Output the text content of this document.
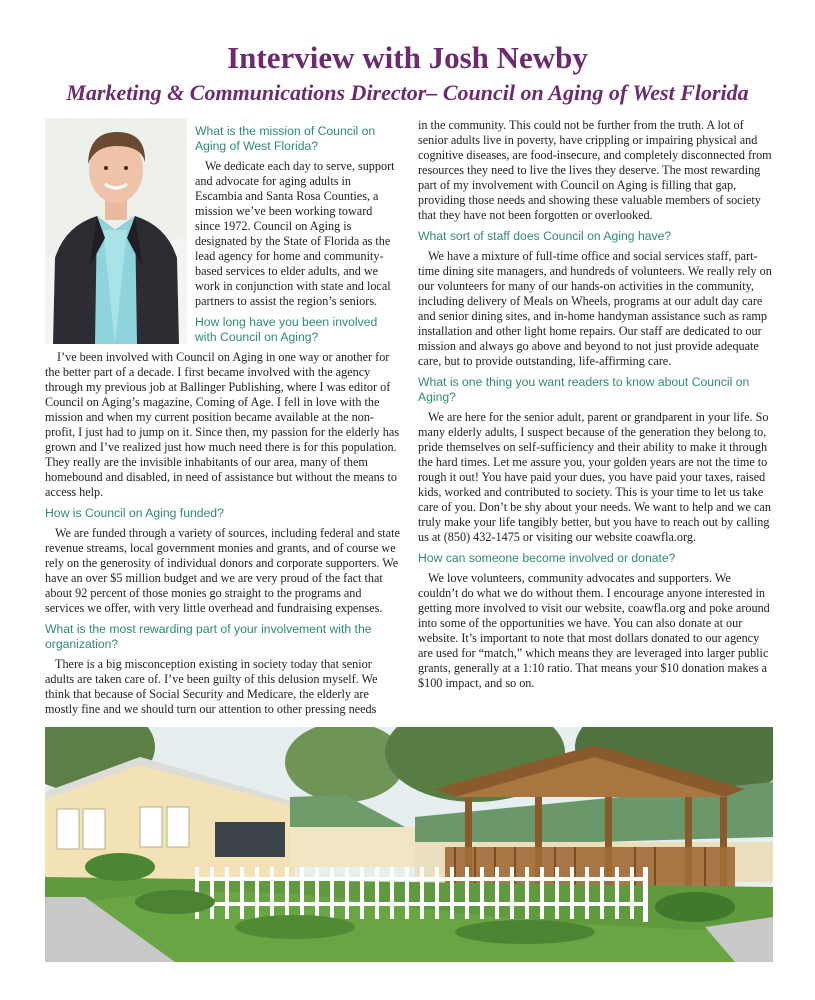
Interview with Josh Newby
Marketing & Communications Director– Council on Aging of West Florida
What is the mission of Council on Aging of West Florida?

We dedicate each day to serve, support and advocate for aging adults in Escambia and Santa Rosa Counties, a mission we’ve been working toward since 1972. Council on Aging is designated by the State of Florida as the lead agency for home and community-based services to elder adults, and we work in conjunction with state and local partners to assist the region’s seniors.

How long have you been involved with Council on Aging?

I’ve been involved with Council on Aging in one way or another for the better part of a decade. I first became involved with the agency through my previous job at Ballinger Publishing, where I was editor of Council on Aging’s magazine, Coming of Age. I fell in love with the mission and when my current position became available at the non-profit, I just had to jump on it. Since then, my passion for the elderly has grown and I’ve realized just how much need there is for this population. They really are the invisible inhabitants of our area, many of them homebound and disabled, in need of assistance but without the means to access help.

How is Council on Aging funded?

We are funded through a variety of sources, including federal and state revenue streams, local government monies and grants, and of course we rely on the generosity of individual donors and corporate supporters. We have an over $5 million budget and we are very proud of the fact that about 92 percent of those monies go straight to the programs and services we offer, with very little overhead and fundraising expenses.

What is the most rewarding part of your involvement with the organization?

There is a big misconception existing in society today that senior adults are taken care of. I’ve been guilty of this delusion myself. We think that because of Social Security and Medicare, the elderly are mostly fine and we should turn our attention to other pressing needs

in the community. This could not be further from the truth. A lot of senior adults live in poverty, have crippling or impairing physical and cognitive diseases, are food-insecure, and completely disconnected from resources they need to live the lives they deserve. The most rewarding part of my involvement with Council on Aging is filling that gap, providing those needs and showing these valuable members of society that they have not been forgotten or overlooked.

What sort of staff does Council on Aging have?

We have a mixture of full-time office and social services staff, part-time dining site managers, and hundreds of volunteers. We really rely on our volunteers for many of our hands-on activities in the community, including delivery of Meals on Wheels, programs at our adult day care and senior dining sites, and in-home handyman assistance such as ramp installation and other light home repairs. Our staff are dedicated to our mission and always go above and beyond to not just provide adequate care, but to provide outstanding, life-affirming care.

What is one thing you want readers to know about Council on Aging?

We are here for the senior adult, parent or grandparent in your life. So many elderly adults, I suspect because of the generation they belong to, pride themselves on self-sufficiency and their ability to make it through the hard times. Let me assure you, your golden years are not the time to rough it out! You have paid your dues, you have paid your taxes, raised kids, worked and contributed to society. This is your time to let us take care of you. Don’t be shy about your needs. We want to help and we can truly make your life tangibly better, but you have to reach out by calling us at (850) 432-1475 or visiting our website coawfla.org.

How can someone become involved or donate?

We love volunteers, community advocates and supporters. We couldn’t do what we do without them. I encourage anyone interested in getting more involved to visit our website, coawfla.org and poke around into some of the opportunities we have. You can also donate at our website. It’s important to note that most dollars donated to our agency are used for “match,” which means they are leveraged into larger public grants, generally at a 1:10 ratio. That means your $10 donation makes a $100 impact, and so on.
